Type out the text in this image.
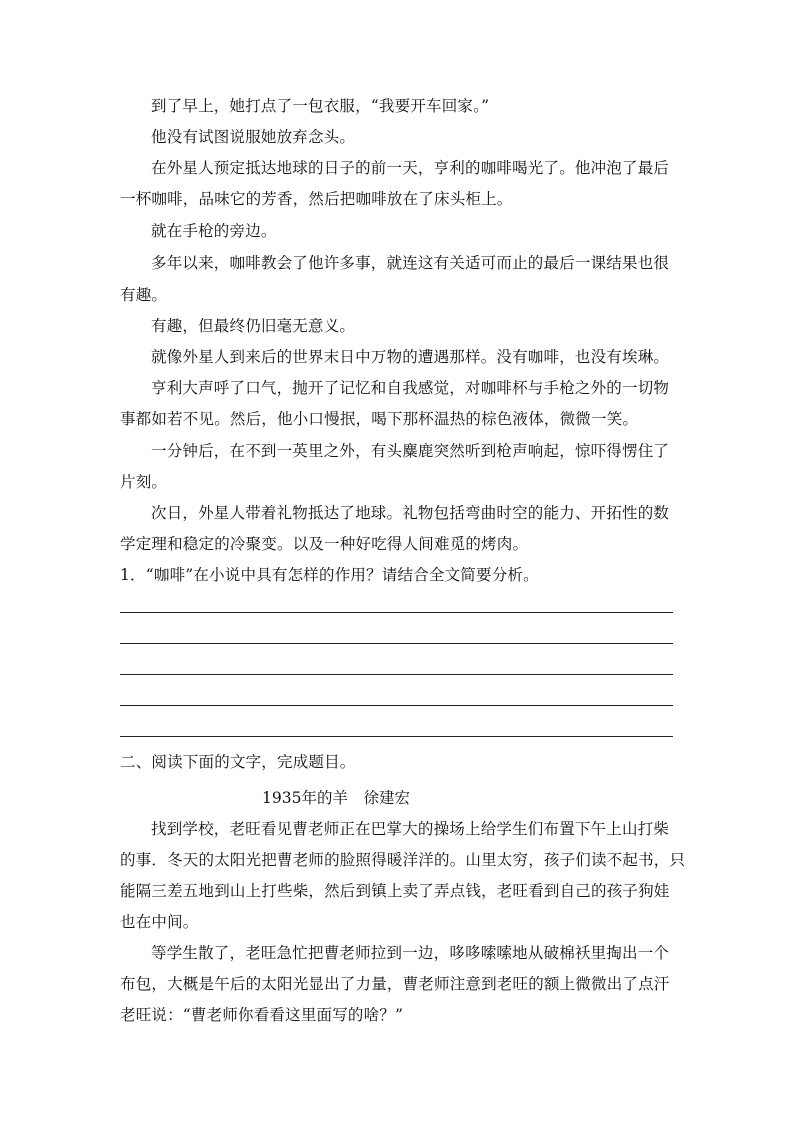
到了早上，她打点了一包衣服，“我要开车回家。”
他没有试图说服她放弃念头。
在外星人预定抵达地球的日子的前一天，亨利的咖啡喝光了。他冲泡了最后
一杯咖啡，品味它的芳香，然后把咖啡放在了床头柜上。
就在手枪的旁边。
多年以来，咖啡教会了他许多事，就连这有关适可而止的最后一课结果也很
有趣。
有趣，但最终仍旧毫无意义。
就像外星人到来后的世界末日中万物的遭遇那样。没有咖啡，也没有埃琳。
亨利大声呼了口气，抛开了记忆和自我感觉，对咖啡杯与手枪之外的一切物
事都如若不见。然后，他小口慢抿，喝下那杯温热的棕色液体，微微一笑。
一分钟后，在不到一英里之外，有头麋鹿突然听到枪声响起，惊吓得愣住了
片刻。
次日，外星人带着礼物抵达了地球。礼物包括弯曲时空的能力、开拓性的数
学定理和稳定的冷聚变。以及一种好吃得人间难觅的烤肉。
1．“咖啡”在小说中具有怎样的作用？请结合全文简要分析。
二、阅读下面的文字，完成题目。
1935年的羊　徐建宏
找到学校，老旺看见曹老师正在巴掌大的操场上给学生们布置下午上山打柴
的事．冬天的太阳光把曹老师的脸照得暖洋洋的。山里太穷，孩子们读不起书，只
能隔三差五地到山上打些柴，然后到镇上卖了弄点钱，老旺看到自己的孩子狗娃
也在中间。
等学生散了，老旺急忙把曹老师拉到一边，哆哆嗦嗦地从破棉袄里掏出一个
布包，大概是午后的太阳光显出了力量，曹老师注意到老旺的额上微微出了点汗
老旺说：“曹老师你看看这里面写的啥？”
